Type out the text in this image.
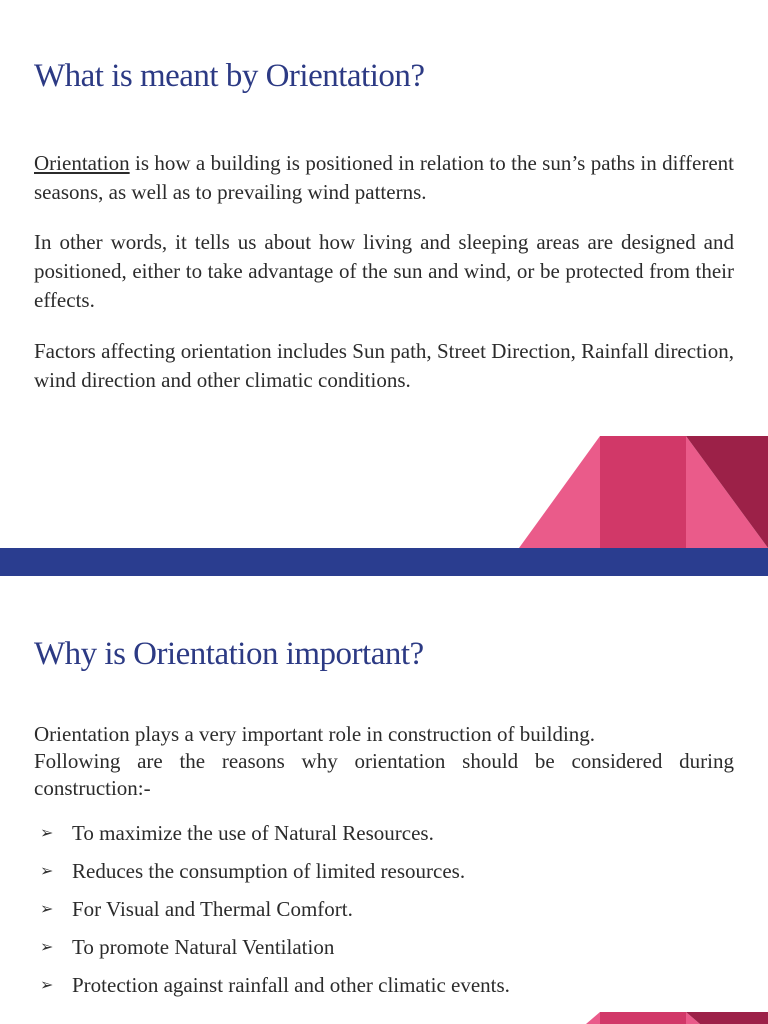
What is meant by Orientation?

Orientation is how a building is positioned in relation to the sun’s paths in different seasons, as well as to prevailing wind patterns.

In other words, it tells us about how living and sleeping areas are designed and positioned, either to take advantage of the sun and wind, or be protected from their effects.

Factors affecting orientation includes Sun path, Street Direction, Rainfall direction, wind direction and other climatic conditions.

Why is Orientation important?

Orientation plays a very important role in construction of building.
Following are the reasons why orientation should be considered during construction:-

➢ To maximize the use of Natural Resources.
➢ Reduces the consumption of limited resources.
➢ For Visual and Thermal Comfort.
➢ To promote Natural Ventilation
➢ Protection against rainfall and other climatic events.
